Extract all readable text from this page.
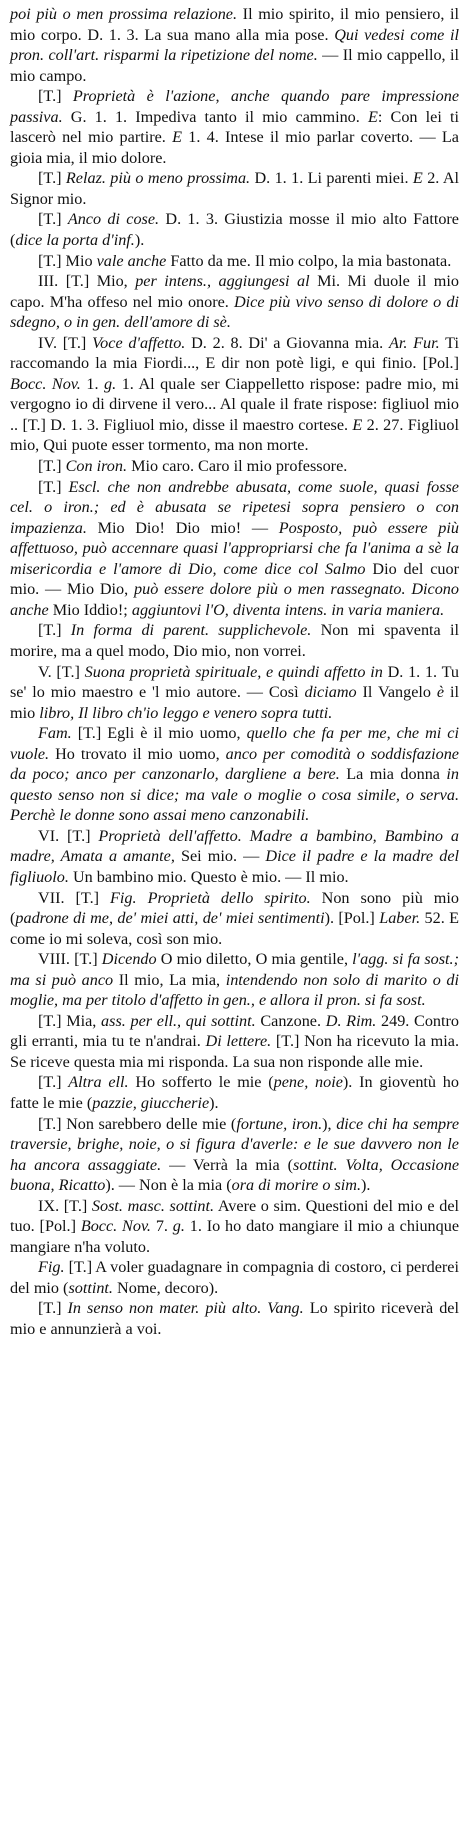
poi più o men prossima relazione. Il mio spirito, il mio pensiero, il mio corpo. D. 1. 3. La sua mano alla mia pose. Qui vedesi come il pron. coll'art. risparmi la ripetizione del nome. — Il mio cappello, il mio campo.

[T.] Proprietà è l'azione, anche quando pare impressione passiva. G. 1. 1. Impediva tanto il mio cammino. E: Con lei ti lascerò nel mio partire. E 1. 4. Intese il mio parlar coverto. — La gioia mia, il mio dolore.

[T.] Relaz. più o meno prossima. D. 1. 1. Li parenti miei. E 2. Al Signor mio.

[T.] Anco di cose. D. 1. 3. Giustizia mosse il mio alto Fattore (dice la porta d'inf.).

[T.] Mio vale anche Fatto da me. Il mio colpo, la mia bastonata.

III. [T.] Mio, per intens., aggiungesi al Mi. Mi duole il mio capo. M'ha offeso nel mio onore. Dice più vivo senso di dolore o di sdegno, o in gen. dell'amore di sè.

IV. [T.] Voce d'affetto. D. 2. 8. Di' a Giovanna mia. Ar. Fur. Ti raccomando la mia Fiordi..., E dir non potè ligi, e qui finio. [Pol.] Bocc. Nov. 1. g. 1. Al quale ser Ciappelletto rispose: padre mio, mi vergogno io di dirvene il vero... Al quale il frate rispose: figliuol mio .. [T.] D. 1. 3. Figliuol mio, disse il maestro cortese. E 2. 27. Figliuol mio, Qui puote esser tormento, ma non morte.

[T.] Con iron. Mio caro. Caro il mio professore.

[T.] Escl. che non andrebbe abusata, come suole, quasi fosse cel. o iron.; ed è abusata se ripetesi sopra pensiero o con impazienza. Mio Dio! Dio mio! — Posposto, può essere più affettuoso, può accennare quasi l'appropriarsi che fa l'anima a sè la misericordia e l'amore di Dio, come dice col Salmo Dio del cuor mio. — Mio Dio, può essere dolore più o men rassegnato. Dicono anche Mio Iddio!; aggiuntovi l'O, diventa intens. in varia maniera.

[T.] In forma di parent. supplichevole. Non mi spaventa il morire, ma a quel modo, Dio mio, non vorrei.

V. [T.] Suona proprietà spirituale, e quindi affetto in D. 1. 1. Tu se' lo mio maestro e 'l mio autore. — Così diciamo Il Vangelo è il mio libro, Il libro ch'io leggo e venero sopra tutti.

Fam. [T.] Egli è il mio uomo, quello che fa per me, che mi ci vuole. Ho trovato il mio uomo, anco per comodità o soddisfazione da poco; anco per canzonarlo, dargliene a bere. La mia donna in questo senso non si dice; ma vale o moglie o cosa simile, o serva. Perchè le donne sono assai meno canzonabili.

VI. [T.] Proprietà dell'affetto. Madre a bambino, Bambino a madre, Amata a amante, Sei mio. — Dice il padre e la madre del figliuolo. Un bambino mio. Questo è mio. — Il mio.

VII. [T.] Fig. Proprietà dello spirito. Non sono più mio (padrone di me, de' miei atti, de' miei sentimenti). [Pol.] Laber. 52. E come io mi soleva, così son mio.

VIII. [T.] Dicendo O mio diletto, O mia gentile, l'agg. si fa sost.; ma si può anco Il mio, La mia, intendendo non solo di marito o di moglie, ma per titolo d'affetto in gen., e allora il pron. si fa sost.

[T.] Mia, ass. per ell., qui sottint. Canzone. D. Rim. 249. Contro gli erranti, mia tu te n'andrai. Di lettere. [T.] Non ha ricevuto la mia. Se riceve questa mia mi risponda. La sua non risponde alle mie.

[T.] Altra ell. Ho sofferto le mie (pene, noie). In gioventù ho fatte le mie (pazzie, giuccherie).

[T.] Non sarebbero delle mie (fortune, iron.), dice chi ha sempre traversie, brighe, noie, o si figura d'averle: e le sue davvero non le ha ancora assaggiate. — Verrà la mia (sottint. Volta, Occasione buona, Ricatto). — Non è la mia (ora di morire o sim.).

IX. [T.] Sost. masc. sottint. Avere o sim. Questioni del mio e del tuo. [Pol.] Bocc. Nov. 7. g. 1. Io ho dato mangiare il mio a chiunque mangiare n'ha voluto.

Fig. [T.] A voler guadagnare in compagnia di costoro, ci perderei del mio (sottint. Nome, decoro).

[T.] In senso non mater. più alto. Vang. Lo spirito riceverà del mio e annunzierà a voi.
